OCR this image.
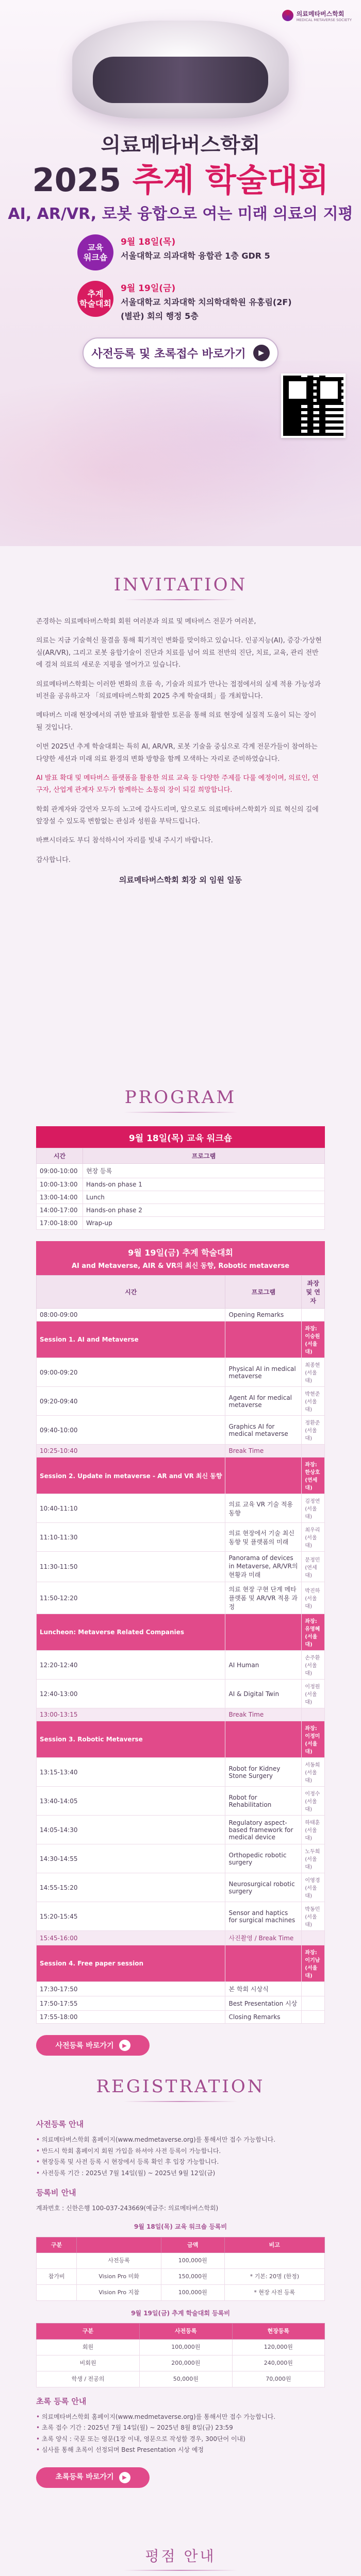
의료메타버스학회
MEDICAL METAVERSE SOCIETY
의료메타버스학회
2025 추계 학술대회
AI, AR/VR, 로봇 융합으로 여는 미래 의료의 지평
교육
워크숍
9월 18일(목)
서울대학교 의과대학 융합관 1층 GDR 5
추계
학술대회
9월 19일(금)
서울대학교 치과대학 치의학대학원 유홍림(2F)
(별관) 회의 행정 5층
사전등록 및 초록접수 바로가기	▶
INVITATION

존경하는 의료메타버스학회 회원 여러분과 의료 및 메타버스 전문가 여러분,

의료는 지금 기술혁신 물결을 통해 획기적인 변화를 맞이하고 있습니다. 인공지능(AI), 증강·가상현실(AR/VR), 그리고 로봇 융합기술이 진단과 치료를 넘어 의료 전반의 진단, 치료, 교육, 관리 전반에 걸쳐 의료의 새로운 지평을 열어가고 있습니다.

의료메타버스학회는 이러한 변화의 흐름 속, 기술과 의료가 만나는 접점에서의 실제 적용 가능성과 비전을 공유하고자 「의료메타버스학회 2025 추계 학술대회」를 개최합니다.

메타버스 미래 현장에서의 귀한 발표와 활발한 토론을 통해 의료 현장에 실질적 도움이 되는 장이 될 것입니다.

이번 2025년 추계 학술대회는 특히 AI, AR/VR, 로봇 기술을 중심으로 각계 전문가들이 참여하는 다양한 세션과 미래 의료 환경의 변화 방향을 함께 모색하는 자리로 준비하였습니다.

AI 발표 확대 및 메타버스 플랫폼을 활용한 의료 교육 등 다양한 주제를 다룰 예정이며, 의료인, 연구자, 산업계 관계자 모두가 함께하는 소통의 장이 되길 희망합니다.

학회 관계자와 강연자 모두의 노고에 감사드리며, 앞으로도 의료메타버스학회가 의료 혁신의 길에 앞장설 수 있도록 변함없는 관심과 성원을 부탁드립니다.

바쁘시더라도 부디 참석하시어 자리를 빛내 주시기 바랍니다.

감사합니다.

의료메타버스학회 회장 외 임원 일동
PROGRAM
9월 18일(목) 교육 워크숍
시간	프로그램
09:00-10:00	현장 등록
10:00-13:00	Hands-on phase 1
13:00-14:00	Lunch
14:00-17:00	Hands-on phase 2
17:00-18:00	Wrap-up
9월 19일(금) 추계 학술대회
AI and Metaverse, AIR & VR의 최신 동향, Robotic metaverse
시간	프로그램	좌장 및 연자
08:00-09:00	Opening Remarks	
Session 1. AI and Metaverse		좌장: 이승원 (서울대)
09:00-09:20	Physical AI in medical metaverse	최종현 (서울대)
09:20-09:40	Agent AI for medical metaverse	박현준 (서울대)
09:40-10:00	Graphics AI for medical metaverse	정환준 (서울대)
10:25-10:40	Break Time	
Session 2. Update in metaverse - AR and VR 최신 동향		좌장: 한상호 (연세대)
10:40-11:10	의료 교육 VR 기술 적용 동향	김정연 (서울대)
11:10-11:30	의료 현장에서 기술 최신 동향 및 플랫폼의 미래	최우리 (서울대)
11:30-11:50	Panorama of devices in Metaverse, AR/VR의 현황과 미래	문정민 (연세대)
11:50-12:20	의료 현장 구현 단계 메타 플랫폼 및 AR/VR 적용 과정	박진하 (서울대)
Luncheon: Metaverse Related Companies		좌장: 유명혜 (서울대)
12:20-12:40	AI Human	손주환 (서울대)
12:40-13:00	AI & Digital Twin	이정원 (서울대)
13:00-13:15	Break Time	
Session 3. Robotic Metaverse		좌장: 이정미 (서울대)
13:15-13:40	Robot for Kidney Stone Surgery	서동희 (서울대)
13:40-14:05	Robot for Rehabilitation	이정수 (서울대)
14:05-14:30	Regulatory aspect-based framework for medical device	하태훈 (서울대)
14:30-14:55	Orthopedic robotic surgery	노두희 (서울대)
14:55-15:20	Neurosurgical robotic surgery	이영경 (서울대)
15:20-15:45	Sensor and haptics for surgical machines	박동민 (서울대)
15:45-16:00	사진촬영 / Break Time	
Session 4. Free paper session		좌장: 이기남 (서울대)
17:30-17:50	본 학회 시상식	
17:50-17:55	Best Presentation 시상	
17:55-18:00	Closing Remarks	
사전등록 바로가기	▶
REGISTRATION
사전등록 안내
• 의료메타버스학회 홈페이지(www.medmetaverse.org)를 통해서만 접수 가능합니다.
• 반드시 학회 홈페이지 회원 가입을 하셔야 사전 등록이 가능합니다.
• 현장등록 및 사전 등록 시 현장에서 등록 확인 후 입장 가능합니다.
• 사전등록 기간 : 2025년 7월 14일(월) ~ 2025년 9월 12일(금)
등록비 안내
계좌번호 : 신한은행 100-037-243669(예금주: 의료메타버스학회)
9월 18일(목) 교육 워크숍 등록비
구분		금액	비고
	사전등록	100,000원	
참가비	Vision Pro 미화	150,000원	* 기본: 20명 (한정)
	Vision Pro 지참	100,000원	* 현장 사전 등록
9월 19일(금) 추계 학술대회 등록비
구분	사전등록	현장등록
회원	100,000원	120,000원
비회원	200,000원	240,000원
학생 / 전공의	50,000원	70,000원
초록 등록 안내
• 의료메타버스학회 홈페이지(www.medmetaverse.org)를 통해서만 접수 가능합니다.
• 초록 접수 기간 : 2025년 7월 14일(월) ~ 2025년 8월 8일(금) 23:59
• 초록 양식 : 국문 또는 영문(1장 이내, 영문으로 작성할 경우, 300단어 이내)
• 심사를 통해 초록이 선정되며 Best Presentation 시상 예정
초록등록 바로가기	▶
평점 안내
